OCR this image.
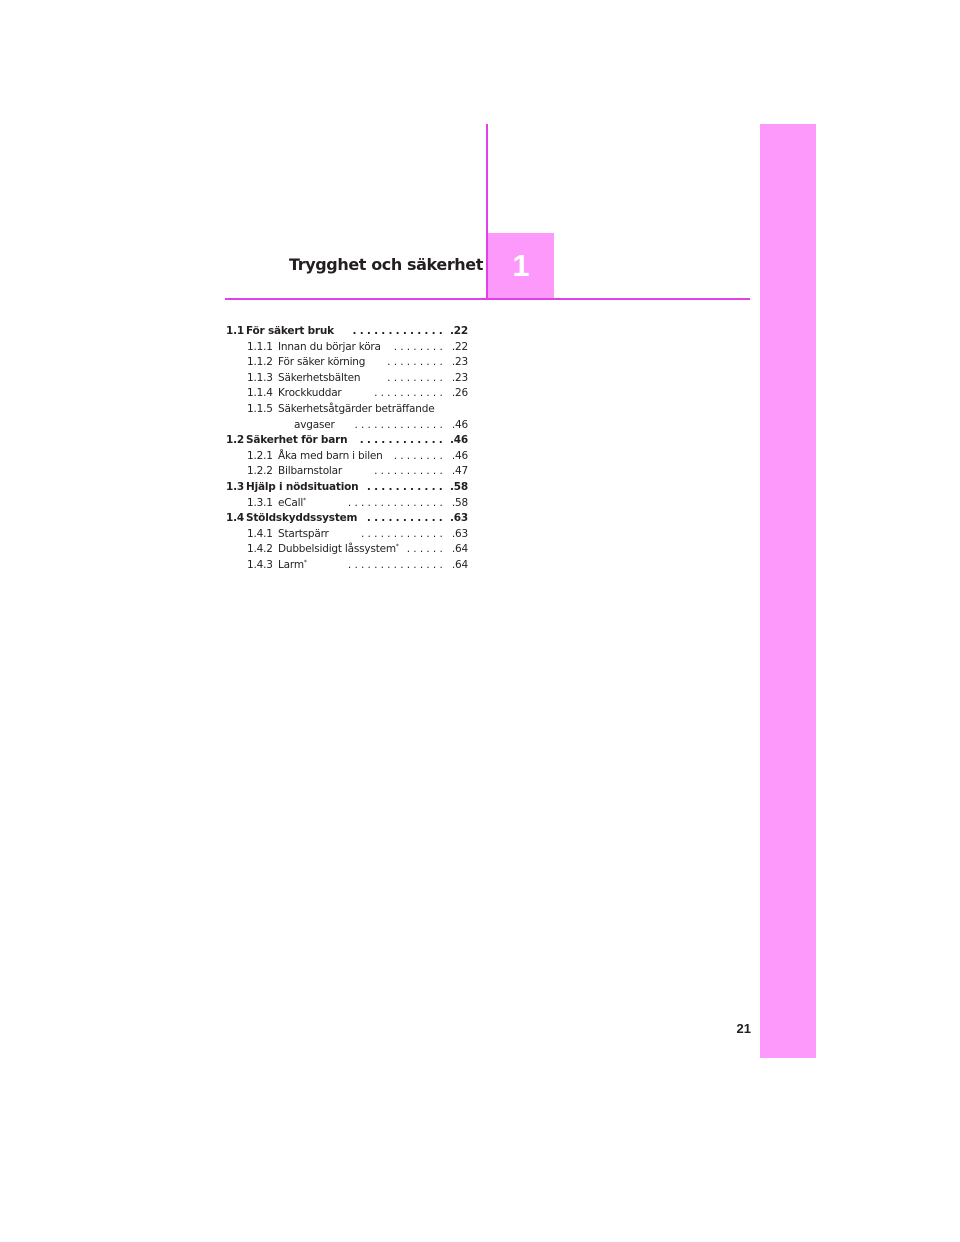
Trygghet och säkerhet 1
1.1 För säkert bruk ............. .22
1.1.1 Innan du börjar köra ........ .22
1.1.2 För säker körning ......... .23
1.1.3 Säkerhetsbälten	......... .23
1.1.4 Krockkuddar	........... .26
1.1.5 Säkerhetsåtgärder beträffande
avgaser .............. .46
1.2 Säkerhet för barn ............ .46
1.2.1 Åka med barn i bilen ........ .46
1.2.2 Bilbarnstolar	........... .47
1.3 Hjälp i nödsituation ........... .58
1.3.1 eCall*	............... .58
1.4 Stöldskyddssystem ........... .63
1.4.1 Startspärr	............. .63
1.4.2 Dubbelsidigt låssystem* ...... .64
1.4.3 Larm*	............... .64
21
